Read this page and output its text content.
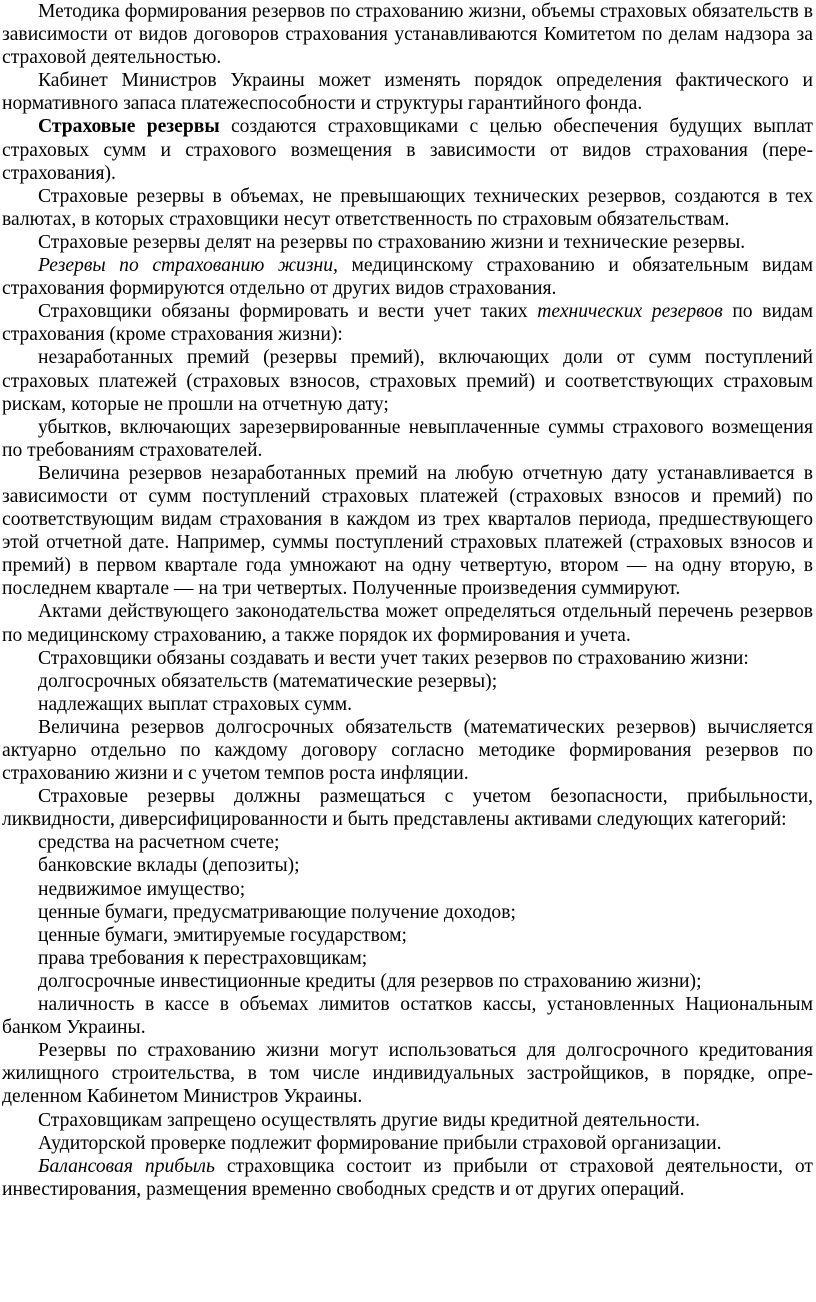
Методика формирования резервов по страхованию жизни, объемы страховых обязательств в зависимости от видов договоров страхования устанавливаются Комитетом по делам надзора за страховой деятельностью.

Кабинет Министров Украины может изменять порядок определения фактического и нормативного запаса платежеспособности и структуры гарантийного фонда.

Страховые резервы создаются страховщиками с целью обеспечения будущих выплат страховых сумм и страхового возмещения в зависимости от видов страхования (перестрахования).

Страховые резервы в объемах, не превышающих технических резервов, создаются в тех валютах, в которых страховщики несут ответственность по страховым обязательствам.

Страховые резервы делят на резервы по страхованию жизни и технические резервы.

Резервы по страхованию жизни, медицинскому страхованию и обязательным видам страхования формируются отдельно от других видов страхования.

Страховщики обязаны формировать и вести учет таких технических резервов по видам страхования (кроме страхования жизни):

незаработанных премий (резервы премий), включающих доли от сумм поступлений страховых платежей (страховых взносов, страховых премий) и соответствующих страховым рискам, которые не прошли на отчетную дату;

убытков, включающих зарезервированные невыплаченные суммы страхового возмещения по требованиям страхователей.

Величина резервов незаработанных премий на любую отчетную дату устанавливается в зависимости от сумм поступлений страховых платежей (страховых взносов и премий) по соответствующим видам страхования в каждом из трех кварталов периода, предшествующего этой отчетной дате. Например, суммы поступлений страховых платежей (страховых взносов и премий) в первом квартале года умножают на одну четвертую, втором — на одну вторую, в последнем квартале — на три четвертых. Полученные произведения суммируют.

Актами действующего законодательства может определяться отдельный перечень резервов по медицинскому страхованию, а также порядок их формирования и учета.

Страховщики обязаны создавать и вести учет таких резервов по страхованию жизни:

долгосрочных обязательств (математические резервы);

надлежащих выплат страховых сумм.

Величина резервов долгосрочных обязательств (математических резервов) вычисляется актуарно отдельно по каждому договору согласно методике формирования резервов по страхованию жизни и с учетом темпов роста инфляции.

Страховые резервы должны размещаться с учетом безопасности, прибыльности, ликвидности, диверсифицированности и быть представлены активами следующих категорий:

средства на расчетном счете;

банковские вклады (депозиты);

недвижимое имущество;

ценные бумаги, предусматривающие получение доходов;

ценные бумаги, эмитируемые государством;

права требования к перестраховщикам;

долгосрочные инвестиционные кредиты (для резервов по страхованию жизни);

наличность в кассе в объемах лимитов остатков кассы, установленных Национальным банком Украины.

Резервы по страхованию жизни могут использоваться для долгосрочного кредитования жилищного строительства, в том числе индивидуальных застройщиков, в порядке, определенном Кабинетом Министров Украины.

Страховщикам запрещено осуществлять другие виды кредитной деятельности.

Аудиторской проверке подлежит формирование прибыли страховой организации.

Балансовая прибыль страховщика состоит из прибыли от страховой деятельности, от инвестирования, размещения временно свободных средств и от других операций.
